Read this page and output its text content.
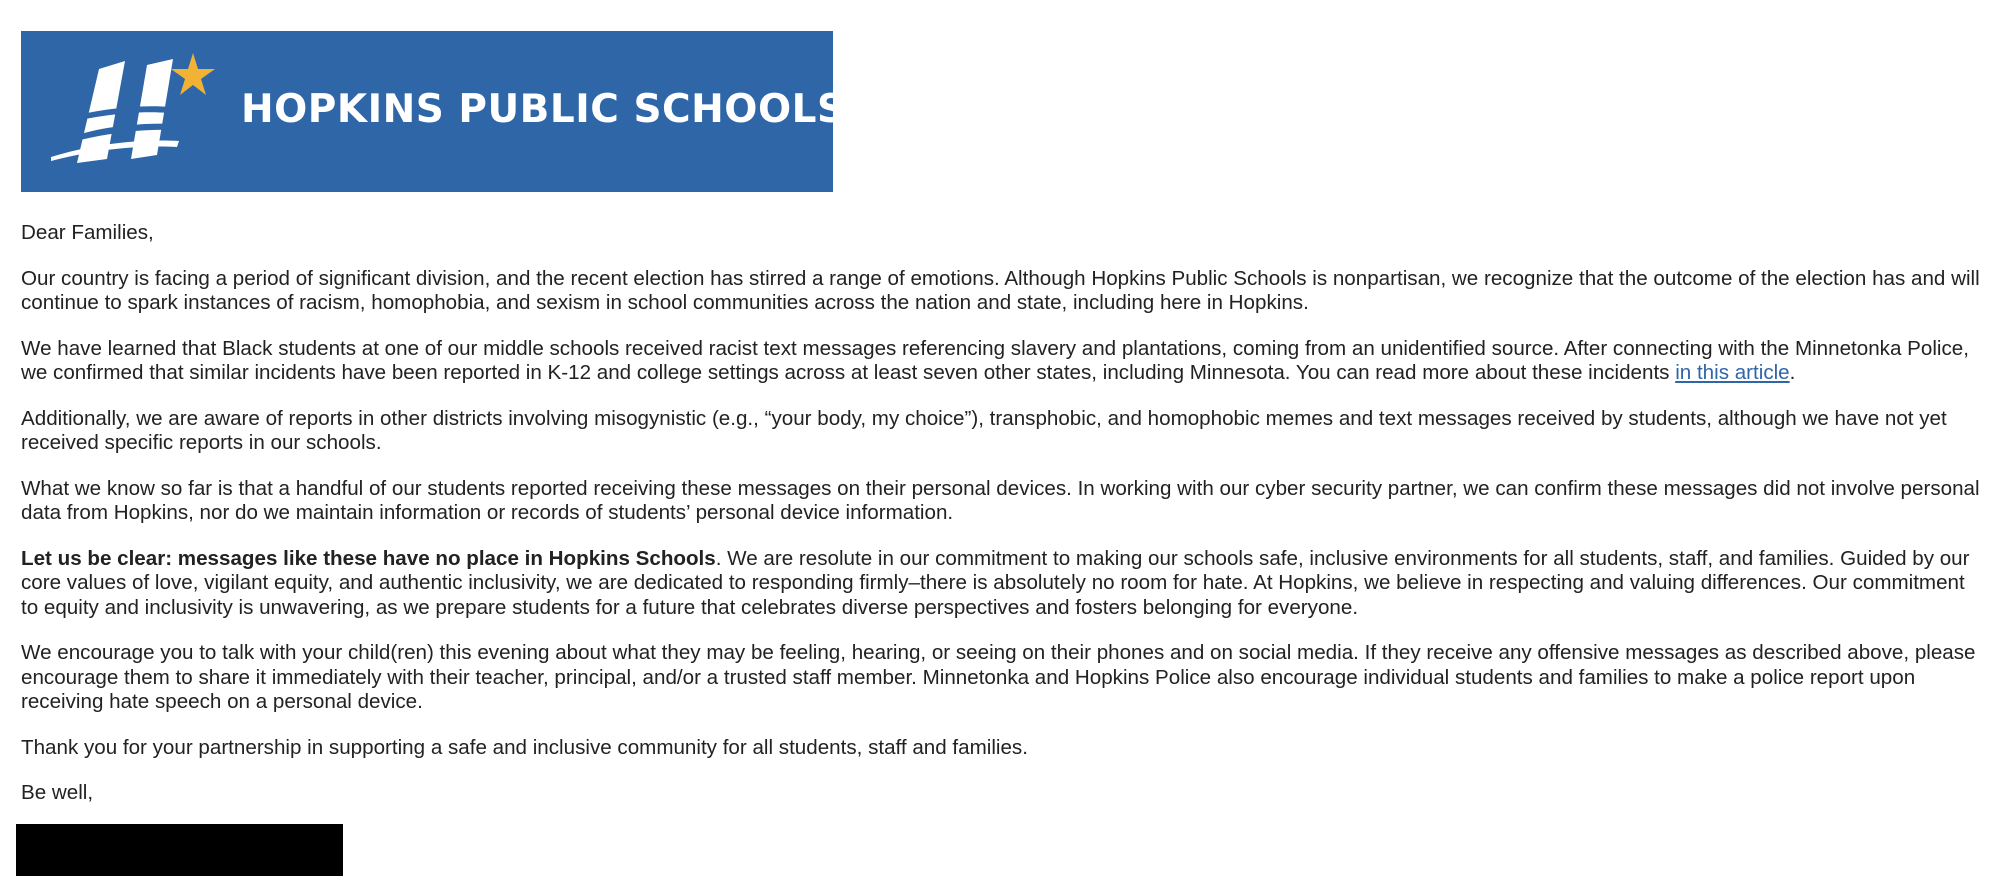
HOPKINS PUBLIC SCHOOLS

Dear Families,

Our country is facing a period of significant division, and the recent election has stirred a range of emotions. Although Hopkins Public Schools is nonpartisan, we recognize that the outcome of the election has and will continue to spark instances of racism, homophobia, and sexism in school communities across the nation and state, including here in Hopkins.

We have learned that Black students at one of our middle schools received racist text messages referencing slavery and plantations, coming from an unidentified source. After connecting with the Minnetonka Police, we confirmed that similar incidents have been reported in K-12 and college settings across at least seven other states, including Minnesota. You can read more about these incidents in this article.

Additionally, we are aware of reports in other districts involving misogynistic (e.g., “your body, my choice”), transphobic, and homophobic memes and text messages received by students, although we have not yet received specific reports in our schools.

What we know so far is that a handful of our students reported receiving these messages on their personal devices. In working with our cyber security partner, we can confirm these messages did not involve personal data from Hopkins, nor do we maintain information or records of students’ personal device information.

Let us be clear: messages like these have no place in Hopkins Schools. We are resolute in our commitment to making our schools safe, inclusive environments for all students, staff, and families. Guided by our core values of love, vigilant equity, and authentic inclusivity, we are dedicated to responding firmly–there is absolutely no room for hate. At Hopkins, we believe in respecting and valuing differences. Our commitment to equity and inclusivity is unwavering, as we prepare students for a future that celebrates diverse perspectives and fosters belonging for everyone.

We encourage you to talk with your child(ren) this evening about what they may be feeling, hearing, or seeing on their phones and on social media. If they receive any offensive messages as described above, please encourage them to share it immediately with their teacher, principal, and/or a trusted staff member. Minnetonka and Hopkins Police also encourage individual students and families to make a police report upon receiving hate speech on a personal device.

Thank you for your partnership in supporting a safe and inclusive community for all students, staff and families.

Be well,
